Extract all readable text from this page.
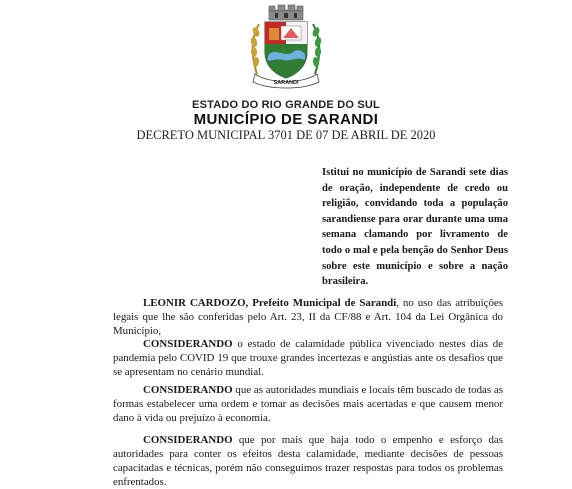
SARANDI
ESTADO DO RIO GRANDE DO SUL
MUNICÍPIO DE SARANDI
DECRETO MUNICIPAL 3701 DE 07 DE ABRIL DE 2020
Istitui no município de Sarandi sete dias de oração, independente de credo ou religião, convidando toda a população sarandiense para orar durante uma uma semana clamando por livramento de todo o mal e pela benção do Senhor Deus sobre este município e sobre a nação brasileira.
LEONIR CARDOZO, Prefeito Municipal de Sarandi, no uso das atribuições legais que lhe são conferidas pelo Art. 23, II da CF/88 e Art. 104 da Lei Orgânica do Município,
CONSIDERANDO o estado de calamidade pública vivenciado nestes dias de pandemia pelo COVID 19 que trouxe grandes incertezas e angústias ante os desafios que se apresentam no cenário mundial.
CONSIDERANDO que as autoridades mundiais e locais têm buscado de todas as formas estabelecer uma ordem e tomar as decisões mais acertadas e que causem menor dano à vida ou prejuízo à economia.
CONSIDERANDO que por mais que haja todo o empenho e esforço das autoridades para conter os efeitos desta calamidade, mediante decisões de pessoas capacitadas e técnicas, porém não conseguimos trazer respostas para todos os problemas enfrentados.
